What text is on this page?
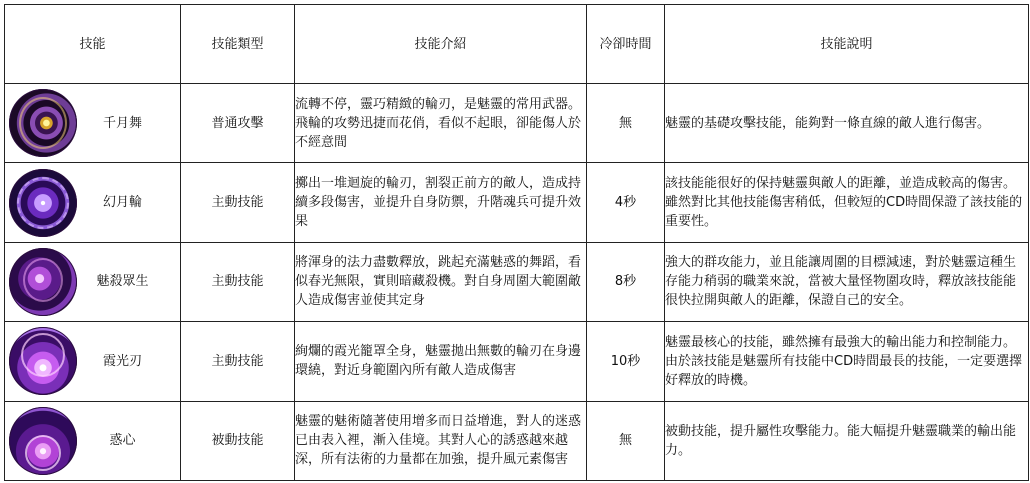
技能	技能類型	技能介紹	冷卻時間	技能說明

千月舞	普通攻擊	流轉不停，靈巧精緻的輪刃，是魅靈的常用武器。飛輪的攻勢迅捷而花俏，看似不起眼，卻能傷人於不經意間	無	魅靈的基礎攻擊技能，能夠對一條直線的敵人進行傷害。

幻月輪	主動技能	擲出一堆迴旋的輪刃，割裂正前方的敵人，造成持續多段傷害，並提升自身防禦，升階魂兵可提升效果	4秒	該技能能很好的保持魅靈與敵人的距離，並造成較高的傷害。雖然對比其他技能傷害稍低，但較短的CD時間保證了該技能的重要性。

魅殺眾生	主動技能	將渾身的法力盡數釋放，跳起充滿魅惑的舞蹈，看似春光無限，實則暗藏殺機。對自身周圍大範圍敵人造成傷害並使其定身	8秒	強大的群攻能力，並且能讓周圍的目標減速，對於魅靈這種生存能力稍弱的職業來說，當被大量怪物圍攻時，釋放該技能能很快拉開與敵人的距離，保證自己的安全。

霞光刃	主動技能	絢爛的霞光籠罩全身，魅靈拋出無數的輪刃在身邊環繞，對近身範圍內所有敵人造成傷害	10秒	魅靈最核心的技能，雖然擁有最強大的輸出能力和控制能力。由於該技能是魅靈所有技能中CD時間最長的技能，一定要選擇好釋放的時機。

惑心	被動技能	魅靈的魅術隨著使用增多而日益增進，對人的迷惑已由表入裡，漸入佳境。其對人心的誘惑越來越深，所有法術的力量都在加強，提升風元素傷害	無	被動技能，提升屬性攻擊能力。能大幅提升魅靈職業的輸出能力。
